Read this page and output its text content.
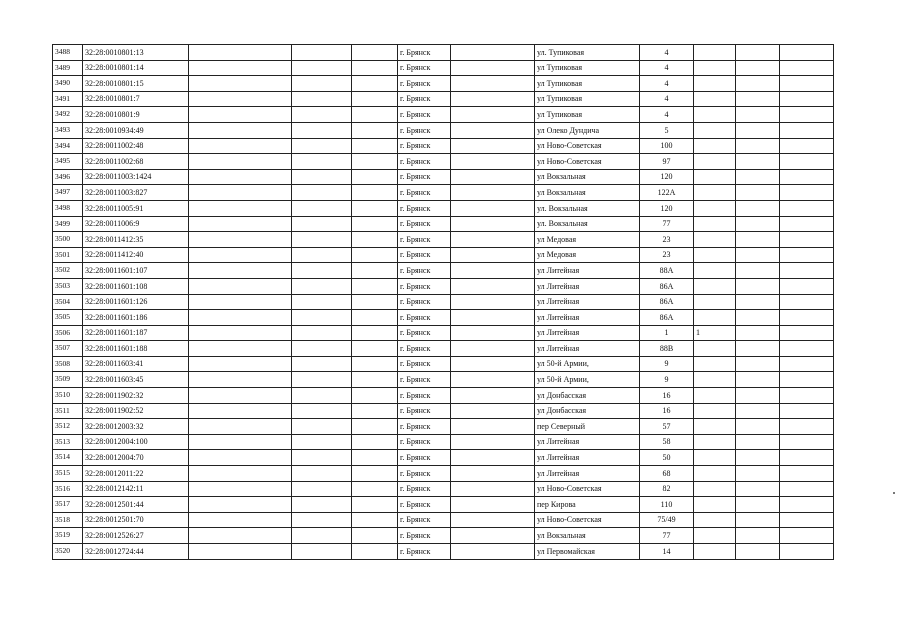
3488	32:28:0010801:13				г. Брянск		ул. Тупиковая	4			
3489	32:28:0010801:14				г. Брянск		ул Тупиковая	4			
3490	32:28:0010801:15				г. Брянск		ул Тупиковая	4			
3491	32:28:0010801:7				г. Брянск		ул Тупиковая	4			
3492	32:28:0010801:9				г. Брянск		ул Тупиковая	4			
3493	32:28:0010934:49				г. Брянск		ул Олеко Дундича	5			
3494	32:28:0011002:48				г. Брянск		ул Ново-Советская	100			
3495	32:28:0011002:68				г. Брянск		ул Ново-Советская	97			
3496	32:28:0011003:1424				г. Брянск		ул Вокзальная	120			
3497	32:28:0011003:827				г. Брянск		ул Вокзальная	122А			
3498	32:28:0011005:91				г. Брянск		ул. Вокзальная	120			
3499	32:28:0011006:9				г. Брянск		ул. Вокзальная	77			
3500	32:28:0011412:35				г. Брянск		ул Медовая	23			
3501	32:28:0011412:40				г. Брянск		ул Медовая	23			
3502	32:28:0011601:107				г. Брянск		ул Литейная	88А			
3503	32:28:0011601:108				г. Брянск		ул Литейная	86А			
3504	32:28:0011601:126				г. Брянск		ул Литейная	86А			
3505	32:28:0011601:186				г. Брянск		ул Литейная	86А			
3506	32:28:0011601:187				г. Брянск		ул Литейная	1	1		
3507	32:28:0011601:188				г. Брянск		ул Литейная	88В			
3508	32:28:0011603:41				г. Брянск		ул 50-й Армии,	9			
3509	32:28:0011603:45				г. Брянск		ул 50-й Армии,	9			
3510	32:28:0011902:32				г. Брянск		ул Донбасская	16			
3511	32:28:0011902:52				г. Брянск		ул Донбасская	16			
3512	32:28:0012003:32				г. Брянск		пер Северный	57			
3513	32:28:0012004:100				г. Брянск		ул Литейная	58			
3514	32:28:0012004:70				г. Брянск		ул Литейная	50			
3515	32:28:0012011:22				г. Брянск		ул Литейная	68			
3516	32:28:0012142:11				г. Брянск		ул Ново-Советская	82			
3517	32:28:0012501:44				г. Брянск		пер Кирова	110			
3518	32:28:0012501:70				г. Брянск		ул Ново-Советская	75/49			
3519	32:28:0012526:27				г. Брянск		ул Вокзальная	77			
3520	32:28:0012724:44				г. Брянск		ул Первомайская	14			
